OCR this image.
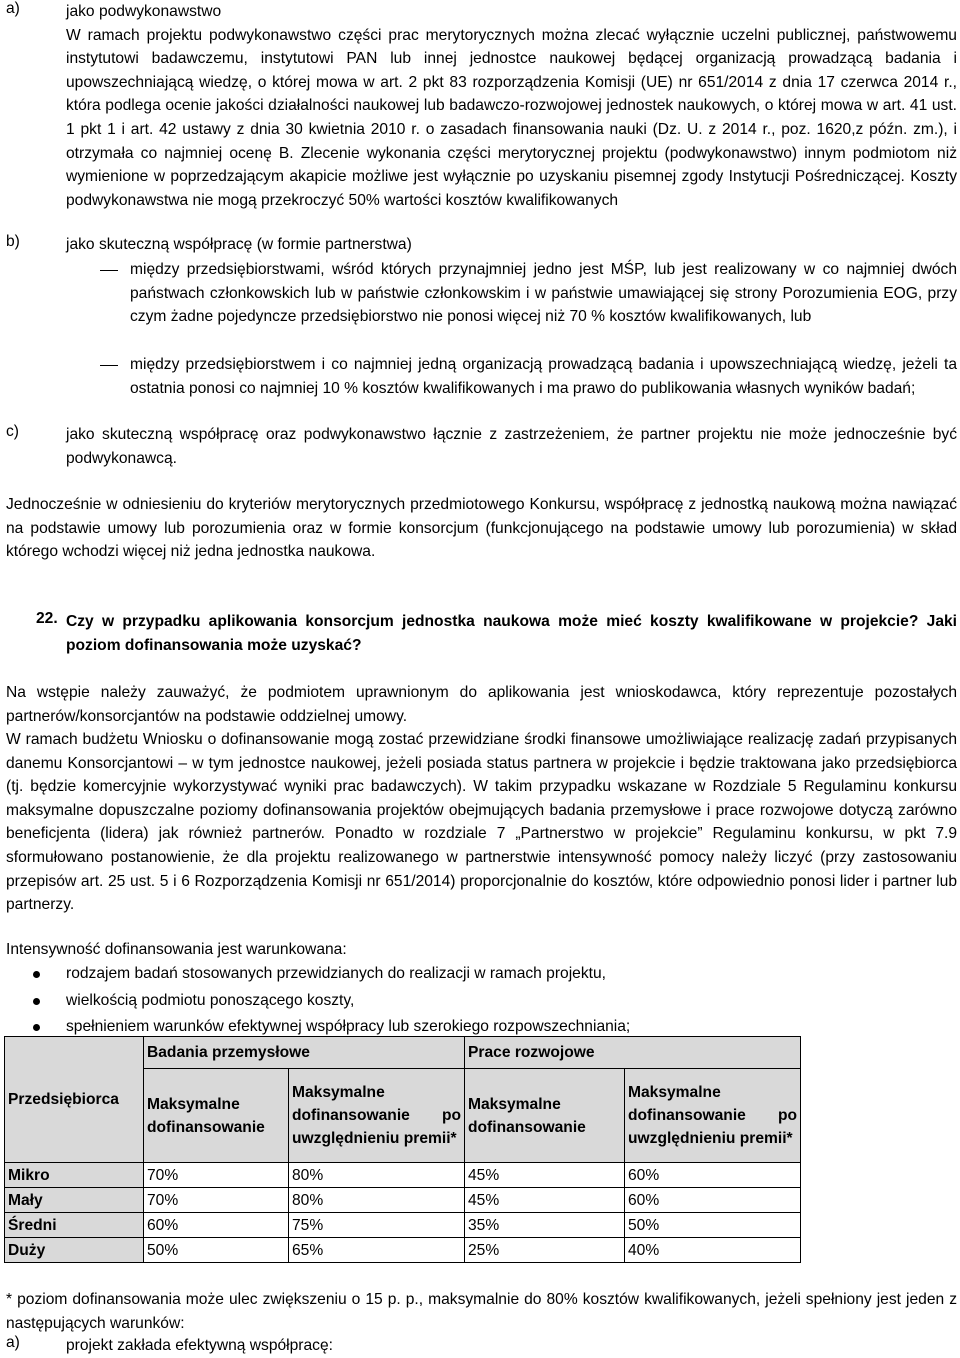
a)	jako podwykonawstwo

W ramach projektu podwykonawstwo części prac merytorycznych można zlecać wyłącznie uczelni publicznej, państwowemu instytutowi badawczemu, instytutowi PAN lub innej jednostce naukowej będącej organizacją prowadzącą badania i upowszechniającą wiedzę, o której mowa w art. 2 pkt 83 rozporządzenia Komisji (UE) nr 651/2014 z dnia 17 czerwca 2014 r., która podlega ocenie jakości działalności naukowej lub badawczo-rozwojowej jednostek naukowych, o której mowa w art. 41 ust. 1 pkt 1 i art. 42 ustawy z dnia 30 kwietnia 2010 r. o zasadach finansowania nauki (Dz. U. z 2014 r., poz. 1620,z późn. zm.), i otrzymała co najmniej ocenę B. Zlecenie wykonania części merytorycznej projektu (podwykonawstwo) innym podmiotom niż wymienione w poprzedzającym akapicie możliwe jest wyłącznie po uzyskaniu pisemnej zgody Instytucji Pośredniczącej. Koszty podwykonawstwa nie mogą przekroczyć 50% wartości kosztów kwalifikowanych

b)	jako skuteczną współpracę (w formie partnerstwa)

między przedsiębiorstwami, wśród których przynajmniej jedno jest MŚP, lub jest realizowany w co najmniej dwóch państwach członkowskich lub w państwie członkowskim i w państwie umawiającej się strony Porozumienia EOG, przy czym żadne pojedyncze przedsiębiorstwo nie ponosi więcej niż 70 % kosztów kwalifikowanych, lub

między przedsiębiorstwem i co najmniej jedną organizacją prowadzącą badania i upowszechniającą wiedzę, jeżeli ta ostatnia ponosi co najmniej 10 % kosztów kwalifikowanych i ma prawo do publikowania własnych wyników badań;

c)	jako skuteczną współpracę oraz podwykonawstwo łącznie z zastrzeżeniem, że partner projektu nie może jednocześnie być podwykonawcą.

Jednocześnie w odniesieniu do kryteriów merytorycznych przedmiotowego Konkursu, współpracę z jednostką naukową można nawiązać na podstawie umowy lub porozumienia oraz w formie konsorcjum (funkcjonującego na podstawie umowy lub porozumienia) w skład którego wchodzi więcej niż jedna jednostka naukowa.

22. Czy w przypadku aplikowania konsorcjum jednostka naukowa może mieć koszty kwalifikowane w projekcie? Jaki poziom dofinansowania może uzyskać?

Na wstępie należy zauważyć, że podmiotem uprawnionym do aplikowania jest wnioskodawca, który reprezentuje pozostałych partnerów/konsorcjantów na podstawie oddzielnej umowy.

W ramach budżetu Wniosku o dofinansowanie mogą zostać przewidziane środki finansowe umożliwiające realizację zadań przypisanych danemu Konsorcjantowi – w tym jednostce naukowej, jeżeli posiada status partnera w projekcie i będzie traktowana jako przedsiębiorca (tj. będzie komercyjnie wykorzystywać wyniki prac badawczych). W takim przypadku wskazane w Rozdziale 5 Regulaminu konkursu maksymalne dopuszczalne poziomy dofinansowania projektów obejmujących badania przemysłowe i prace rozwojowe dotyczą zarówno beneficjenta (lidera) jak również partnerów. Ponadto w rozdziale 7 „Partnerstwo w projekcie” Regulaminu konkursu, w pkt 7.9 sformułowano postanowienie, że dla projektu realizowanego w partnerstwie intensywność pomocy należy liczyć (przy zastosowaniu przepisów art. 25 ust. 5 i 6 Rozporządzenia Komisji nr 651/2014) proporcjonalnie do kosztów, które odpowiednio ponosi lider i partner lub partnerzy.

Intensywność dofinansowania jest warunkowana:

rodzajem badań stosowanych przewidzianych do realizacji w ramach projektu,
wielkością podmiotu ponoszącego koszty,
spełnieniem warunków efektywnej współpracy lub szerokiego rozpowszechniania;
Przedsiębiorca	Badania przemysłowe		Prace rozwojowe	

	Maksymalne dofinansowanie	Maksymalne dofinansowanie po uwzględnieniu premii*	Maksymalne dofinansowanie	Maksymalne dofinansowanie po uwzględnieniu premii*

Mikro	70%	80%	45%	60%
Mały	70%	80%	45%	60%
Średni	60%	75%	35%	50%
Duży	50%	65%	25%	40%

* poziom dofinansowania może ulec zwiększeniu o 15 p. p., maksymalnie do 80% kosztów kwalifikowanych, jeżeli spełniony jest jeden z następujących warunków:

a)	projekt zakłada efektywną współpracę:
